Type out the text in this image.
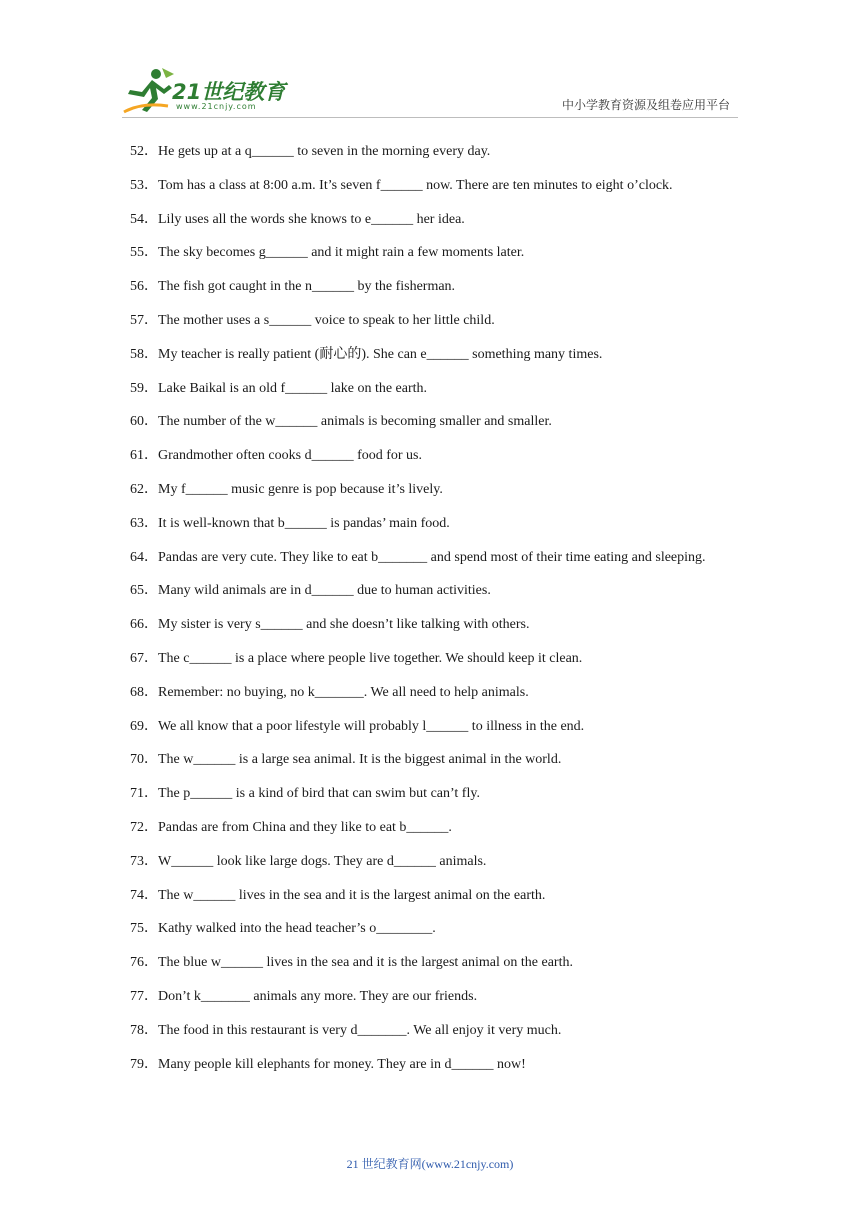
21世纪教育
www.21cnjy.com	中小学教育资源及组卷应用平台
52．He gets up at a q______ to seven in the morning every day.
53．Tom has a class at 8:00 a.m. It’s seven f______ now. There are ten minutes to eight o’clock.
54．Lily uses all the words she knows to e______ her idea.
55．The sky becomes g______ and it might rain a few moments later.
56．The fish got caught in the n______ by the fisherman.
57．The mother uses a s______ voice to speak to her little child.
58．My teacher is really patient (耐心的). She can e______ something many times.
59．Lake Baikal is an old f______ lake on the earth.
60．The number of the w______ animals is becoming smaller and smaller.
61．Grandmother often cooks d______ food for us.
62．My f______ music genre is pop because it’s lively.
63．It is well-known that b______ is pandas’ main food.
64．Pandas are very cute. They like to eat b_______ and spend most of their time eating and sleeping.
65．Many wild animals are in d______ due to human activities.
66．My sister is very s______ and she doesn’t like talking with others.
67．The c______ is a place where people live together. We should keep it clean.
68．Remember: no buying, no k_______. We all need to help animals.
69．We all know that a poor lifestyle will probably l______ to illness in the end.
70．The w______ is a large sea animal. It is the biggest animal in the world.
71．The p______ is a kind of bird that can swim but can’t fly.
72．Pandas are from China and they like to eat b______.
73．W______ look like large dogs. They are d______ animals.
74．The w______ lives in the sea and it is the largest animal on the earth.
75．Kathy walked into the head teacher’s o________.
76．The blue w______ lives in the sea and it is the largest animal on the earth.
77．Don’t k_______ animals any more. They are our friends.
78．The food in this restaurant is very d_______. We all enjoy it very much.
79．Many people kill elephants for money. They are in d______ now!
21 世纪教育网(www.21cnjy.com)
